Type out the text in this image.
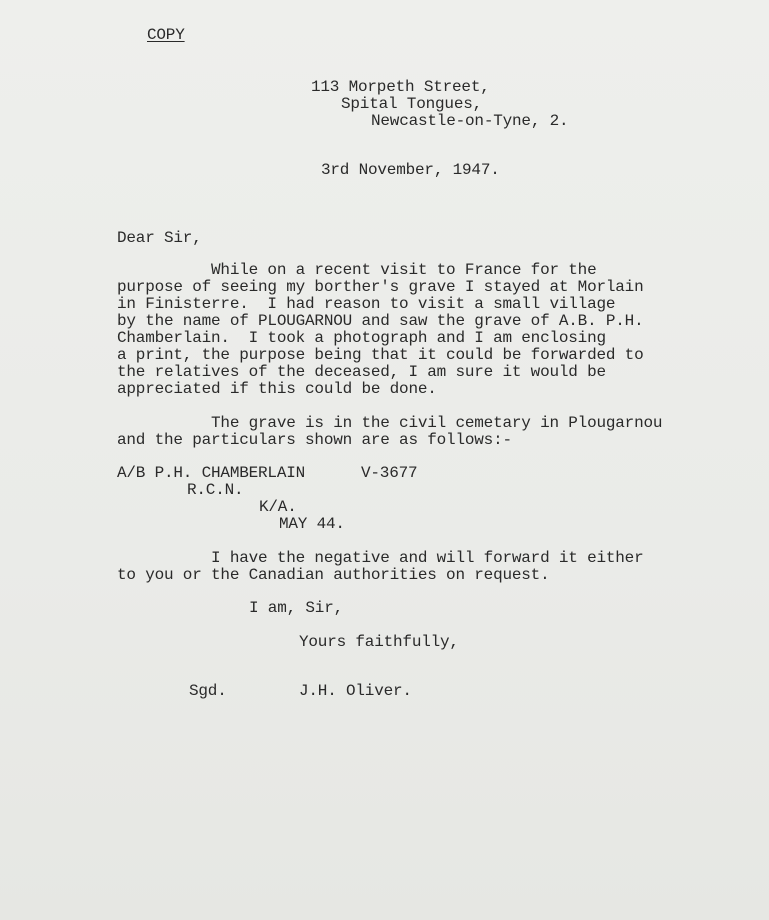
COPY
113 Morpeth Street,
Spital Tongues,
Newcastle-on-Tyne, 2.
3rd November, 1947.
Dear Sir,
While on a recent visit to France for the
purpose of seeing my borther's grave I stayed at Morlain
in Finisterre.  I had reason to visit a small village
by the name of PLOUGARNOU and saw the grave of A.B. P.H.
Chamberlain.  I took a photograph and I am enclosing
a print, the purpose being that it could be forwarded to
the relatives of the deceased, I am sure it would be
appreciated if this could be done.
The grave is in the civil cemetary in Plougarnou
and the particulars shown are as follows:-
A/B P.H. CHAMBERLAIN	V-3677
R.C.N.
K/A.
MAY 44.
I have the negative and will forward it either
to you or the Canadian authorities on request.
I am, Sir,
Yours faithfully,
Sgd.	J.H. Oliver.
